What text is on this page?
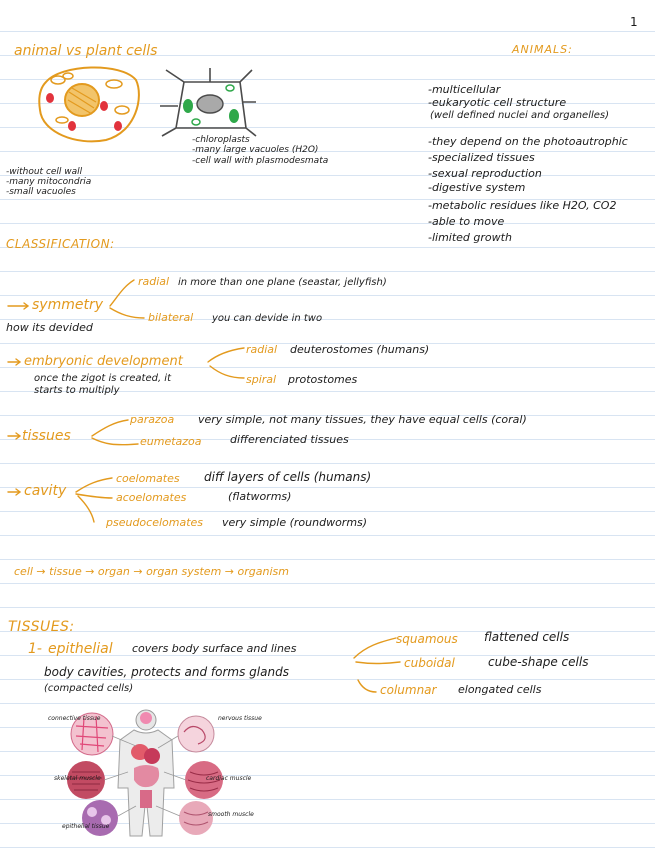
1
animal vs plant cells	ANIMALS:
-chloroplasts
-many large vacuoles (H2O)
-cell wall with plasmodesmata
-without cell wall
-many mitocondria
-small vacuoles
-multicellular
-eukaryotic cell structure
(well defined nuclei and organelles)
-they depend on the photoautrophic
-specialized tissues
-sexual reproduction
-digestive system
-metabolic residues like H2O, CO2
-able to move
-limited growth
CLASSIFICATION:
symmetry
how its devided
radial in more than one plane (seastar, jellyfish)
bilateral you can devide in two
embryonic development
once the zigot is created, it
starts to multiply
radial deuterostomes (humans)
spiral protostomes
tissues
parazoa very simple, not many tissues, they have equal cells (coral)
eumetazoa	differenciated tissues
cavity
coelomates diff layers of cells (humans)
acoelomates	(flatworms)
pseudocelomates very simple (roundworms)
cell → tissue → organ → organ system → organism
TISSUES:
1- epithelial covers body surface and lines
body cavities, protects and forms glands
(compacted cells)
squamous flattened cells
cuboidal	cube-shape cells
columnar elongated cells
connective tissue	nervous tissue
skeletal muscle	cardiac muscle
epithelial tissue
smooth muscle
